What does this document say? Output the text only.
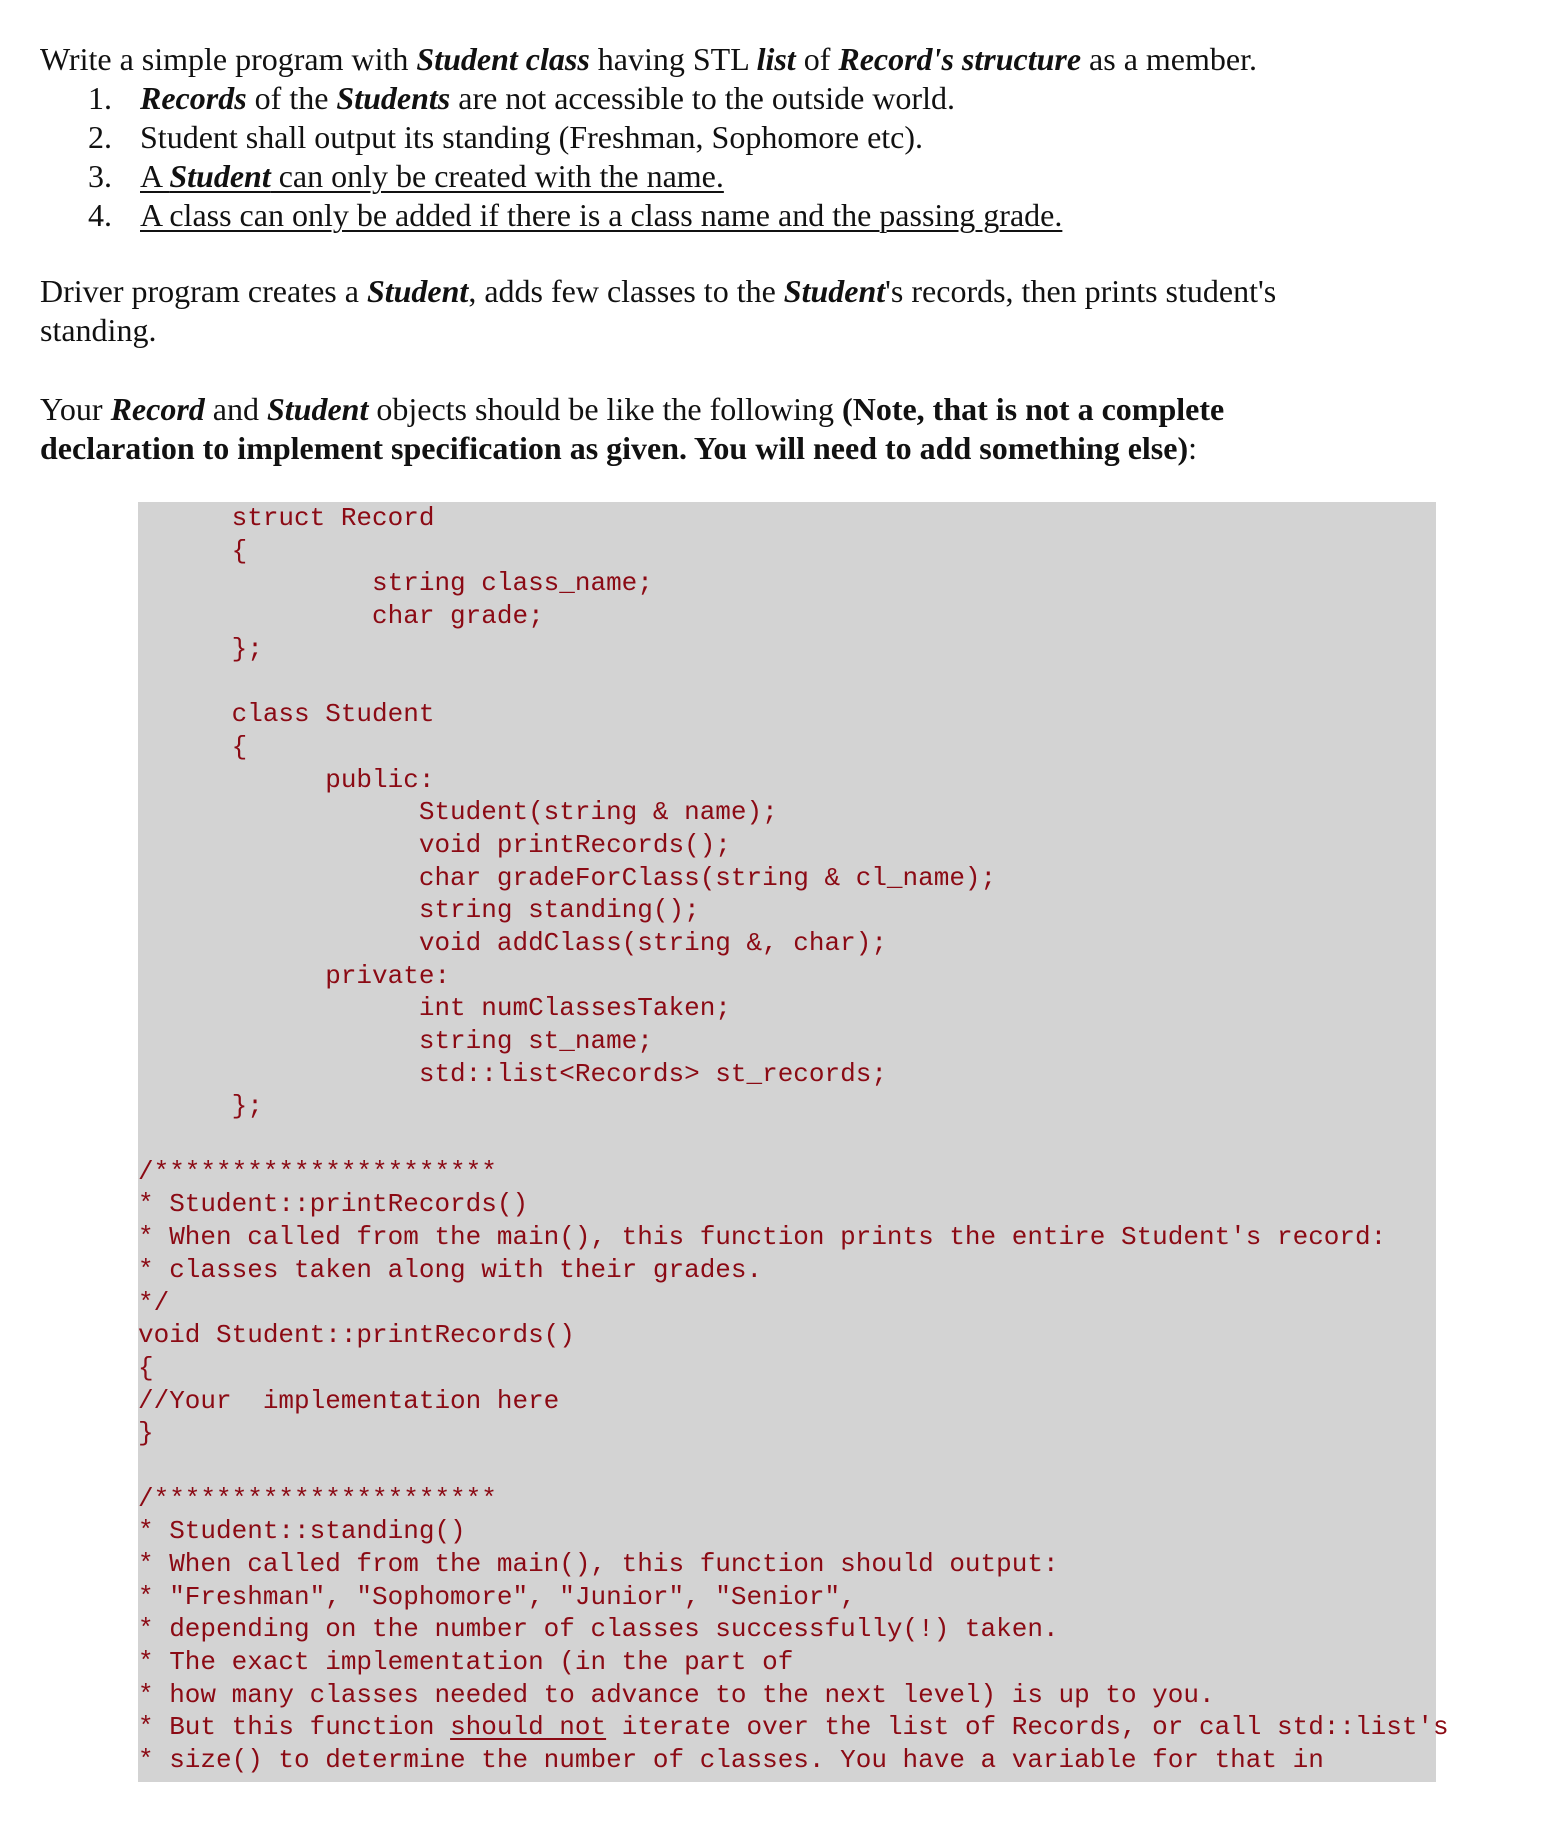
Write a simple program with Student class having STL list of Record's structure as a member.

1. Records of the Students are not accessible to the outside world.
2. Student shall output its standing (Freshman, Sophomore etc).
3. A Student can only be created with the name.
4. A class can only be added if there is a class name and the passing grade.

Driver program creates a Student, adds few classes to the Student's records, then prints student's standing.

Your Record and Student objects should be like the following (Note, that is not a complete declaration to implement specification as given. You will need to add something else):

struct Record
{
string class_name;
char grade;
};
class Student
{
public:
Student(string & name);
void printRecords();
char gradeForClass(string & cl_name);
string standing();
void addClass(string &, char);
private:
int numClassesTaken;
string st_name;
std::list<Records> st_records;
};
/**********************
* Student::printRecords()
* When called from the main(), this function prints the entire Student's record:
* classes taken along with their grades.
*/
void Student::printRecords()
{
//Your  implementation here
}
/**********************
* Student::standing()
* When called from the main(), this function should output:
* "Freshman", "Sophomore", "Junior", "Senior",
* depending on the number of classes successfully(!) taken.
* The exact implementation (in the part of
* how many classes needed to advance to the next level) is up to you.
* But this function should not iterate over the list of Records, or call std::list's
* size() to determine the number of classes. You have a variable for that in
